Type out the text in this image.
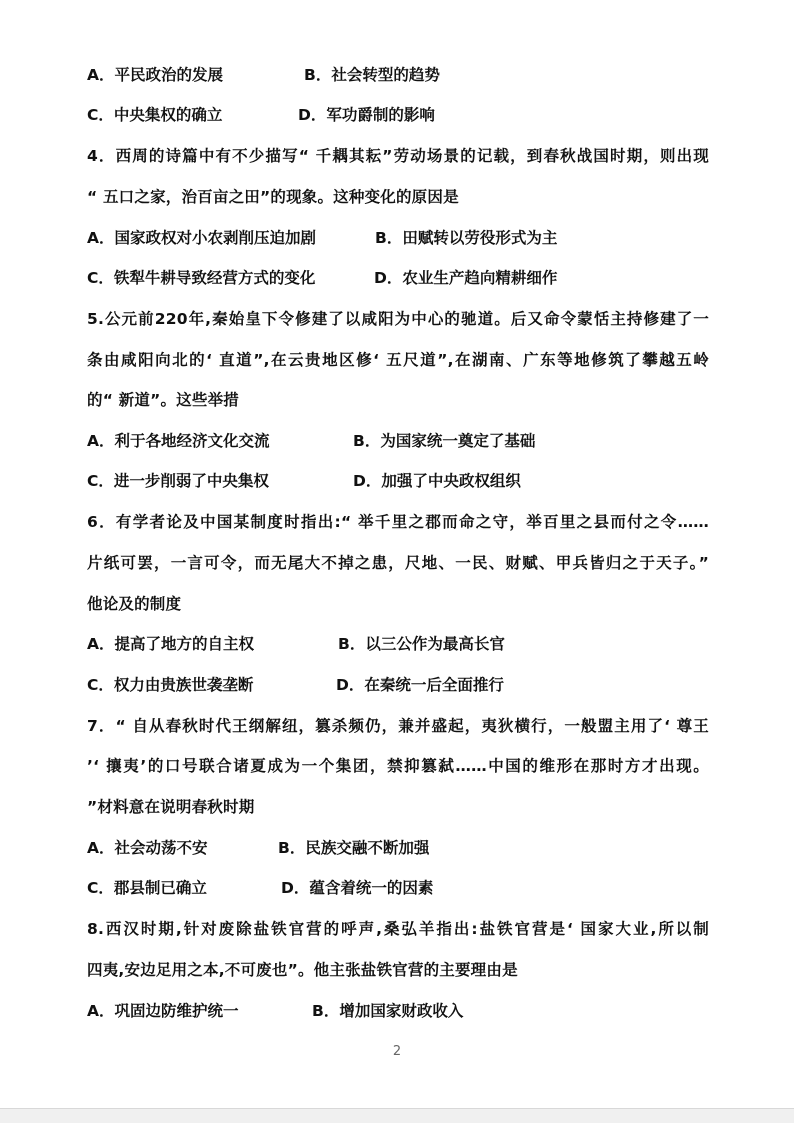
A．平民政治的发展	B．社会转型的趋势
C．中央集权的确立	D．军功爵制的影响
4．西周的诗篇中有不少描写“ 千耦其耘”劳动场景的记载，到春秋战国时期，则出现
“ 五口之家，治百亩之田”的现象。这种变化的原因是
A．国家政权对小农剥削压迫加剧	B．田赋转以劳役形式为主
C．铁犁牛耕导致经营方式的变化	D．农业生产趋向精耕细作
5.公元前220年,秦始皇下令修建了以咸阳为中心的驰道。后又命令蒙恬主持修建了一
条由咸阳向北的‘ 直道”,在云贵地区修‘ 五尺道”,在湖南、广东等地修筑了攀越五岭
的“ 新道”。这些举措
A．利于各地经济文化交流	B．为国家统一奠定了基础
C．进一步削弱了中央集权	D．加强了中央政权组织
6．有学者论及中国某制度时指出:“ 举千里之郡而命之守，举百里之县而付之令……
片纸可罢，一言可令，而无尾大不掉之患，尺地、一民、财赋、甲兵皆归之于天子。”
他论及的制度
A．提高了地方的自主权	B．以三公作为最高长官
C．权力由贵族世袭垄断	D．在秦统一后全面推行
7．“ 自从春秋时代王纲解纽，篡杀频仍，兼并盛起，夷狄横行，一般盟主用了‘ 尊王
’‘ 攘夷’的口号联合诸夏成为一个集团，禁抑篡弑……中国的维形在那时方才出现。
”材料意在说明春秋时期
A．社会动荡不安	B．民族交融不断加强
C．郡县制已确立	D．蕴含着统一的因素
8.西汉时期,针对废除盐铁官营的呼声,桑弘羊指出:盐铁官营是‘ 国家大业,所以制
四夷,安边足用之本,不可废也”。他主张盐铁官营的主要理由是
A．巩固边防维护统一	B．增加国家财政收入
2
